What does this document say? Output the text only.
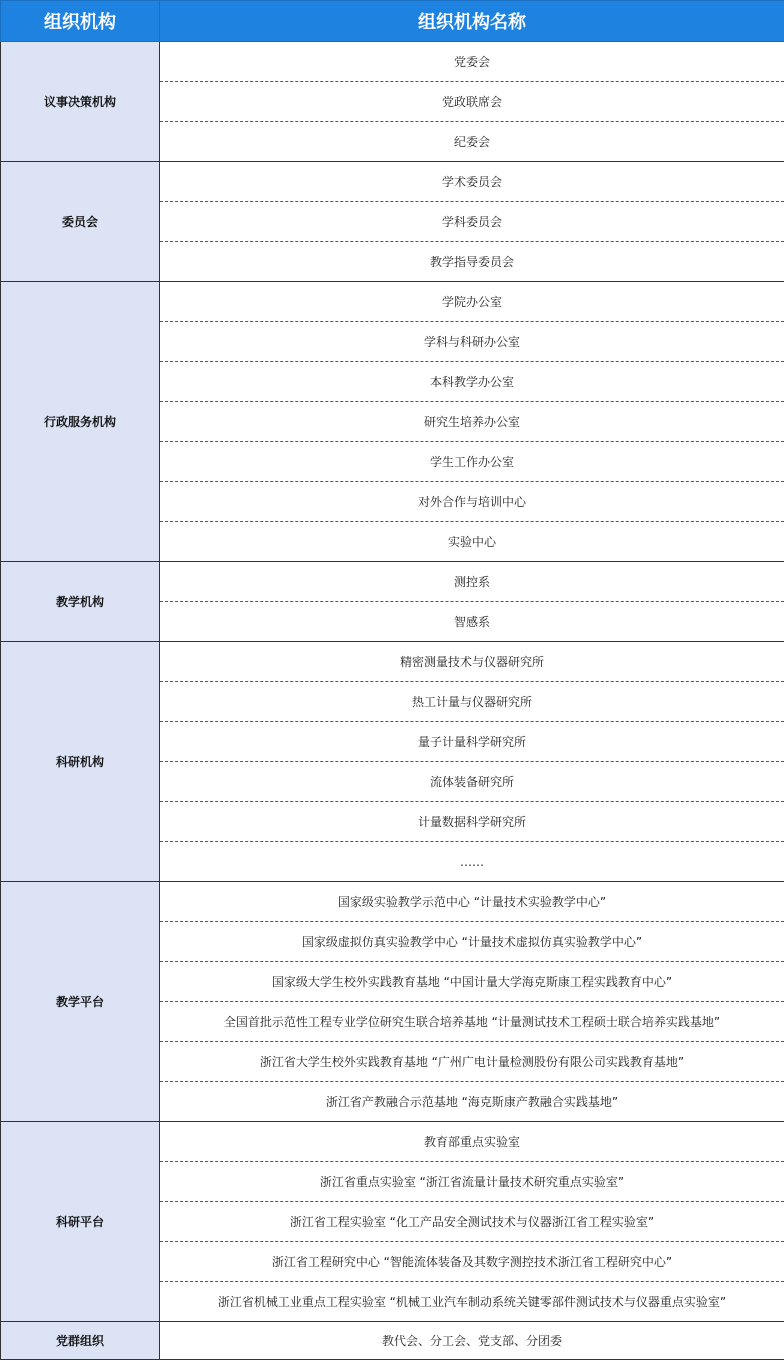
组织机构	组织机构名称
议事决策机构	党委会
	党政联席会
	纪委会
委员会	学术委员会
	学科委员会
	教学指导委员会
行政服务机构	学院办公室
	学科与科研办公室
	本科教学办公室
	研究生培养办公室
	学生工作办公室
	对外合作与培训中心
	实验中心
教学机构	测控系
	智感系
科研机构	精密测量技术与仪器研究所
	热工计量与仪器研究所
	量子计量科学研究所
	流体装备研究所
	计量数据科学研究所
	……
教学平台	国家级实验教学示范中心 “计量技术实验教学中心”
	国家级虚拟仿真实验教学中心 “计量技术虚拟仿真实验教学中心”
	国家级大学生校外实践教育基地 “中国计量大学海克斯康工程实践教育中心”
	全国首批示范性工程专业学位研究生联合培养基地 “计量测试技术工程硕士联合培养实践基地”
	浙江省大学生校外实践教育基地 “广州广电计量检测股份有限公司实践教育基地”
	浙江省产教融合示范基地 “海克斯康产教融合实践基地”
科研平台	教育部重点实验室
	浙江省重点实验室 “浙江省流量计量技术研究重点实验室”
	浙江省工程实验室 “化工产品安全测试技术与仪器浙江省工程实验室”
	浙江省工程研究中心 “智能流体装备及其数字测控技术浙江省工程研究中心”
	浙江省机械工业重点工程实验室 “机械工业汽车制动系统关键零部件测试技术与仪器重点实验室”
党群组织	教代会、分工会、党支部、分团委
